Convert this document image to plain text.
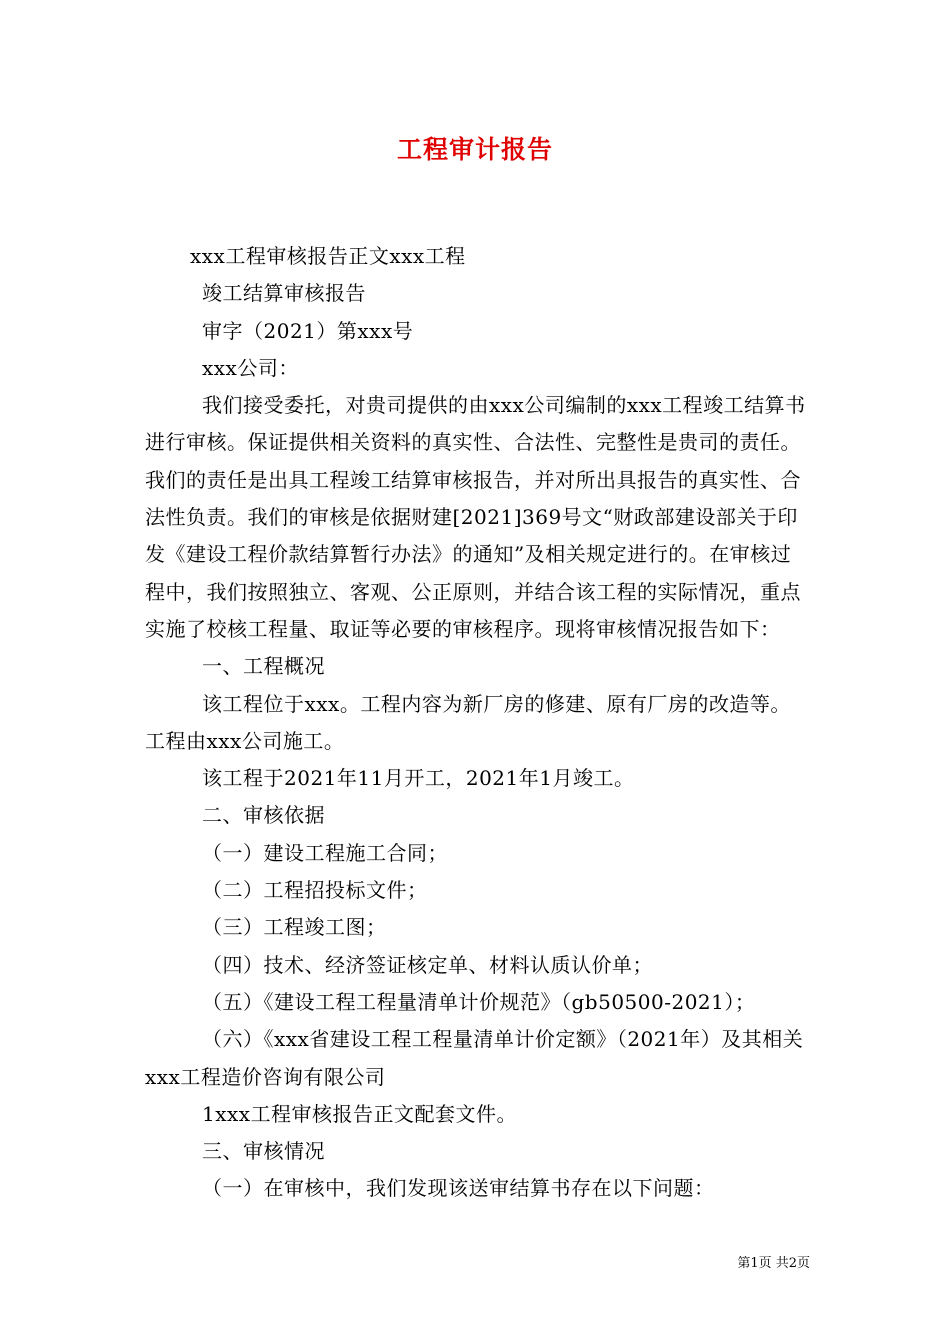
工程审计报告

xxx工程审核报告正文xxx工程

竣工结算审核报告

审字（2021）第xxx号

xxx公司：

我们接受委托，对贵司提供的由xxx公司编制的xxx工程竣工结算书进行审核。保证提供相关资料的真实性、合法性、完整性是贵司的责任。我们的责任是出具工程竣工结算审核报告，并对所出具报告的真实性、合法性负责。我们的审核是依据财建[2021]369号文“财政部建设部关于印发《建设工程价款结算暂行办法》的通知”及相关规定进行的。在审核过程中，我们按照独立、客观、公正原则，并结合该工程的实际情况，重点实施了校核工程量、取证等必要的审核程序。现将审核情况报告如下：

一、工程概况

该工程位于xxx。工程内容为新厂房的修建、原有厂房的改造等。工程由xxx公司施工。

该工程于2021年11月开工，2021年1月竣工。

二、审核依据

（一）建设工程施工合同；

（二）工程招投标文件；

（三）工程竣工图；

（四）技术、经济签证核定单、材料认质认价单；

（五）《建设工程工程量清单计价规范》（gb50500-2021）；

（六）《xxx省建设工程工程量清单计价定额》（2021年）及其相关xxx工程造价咨询有限公司

1xxx工程审核报告正文配套文件。

三、审核情况

（一）在审核中，我们发现该送审结算书存在以下问题：

第1页 共2页
